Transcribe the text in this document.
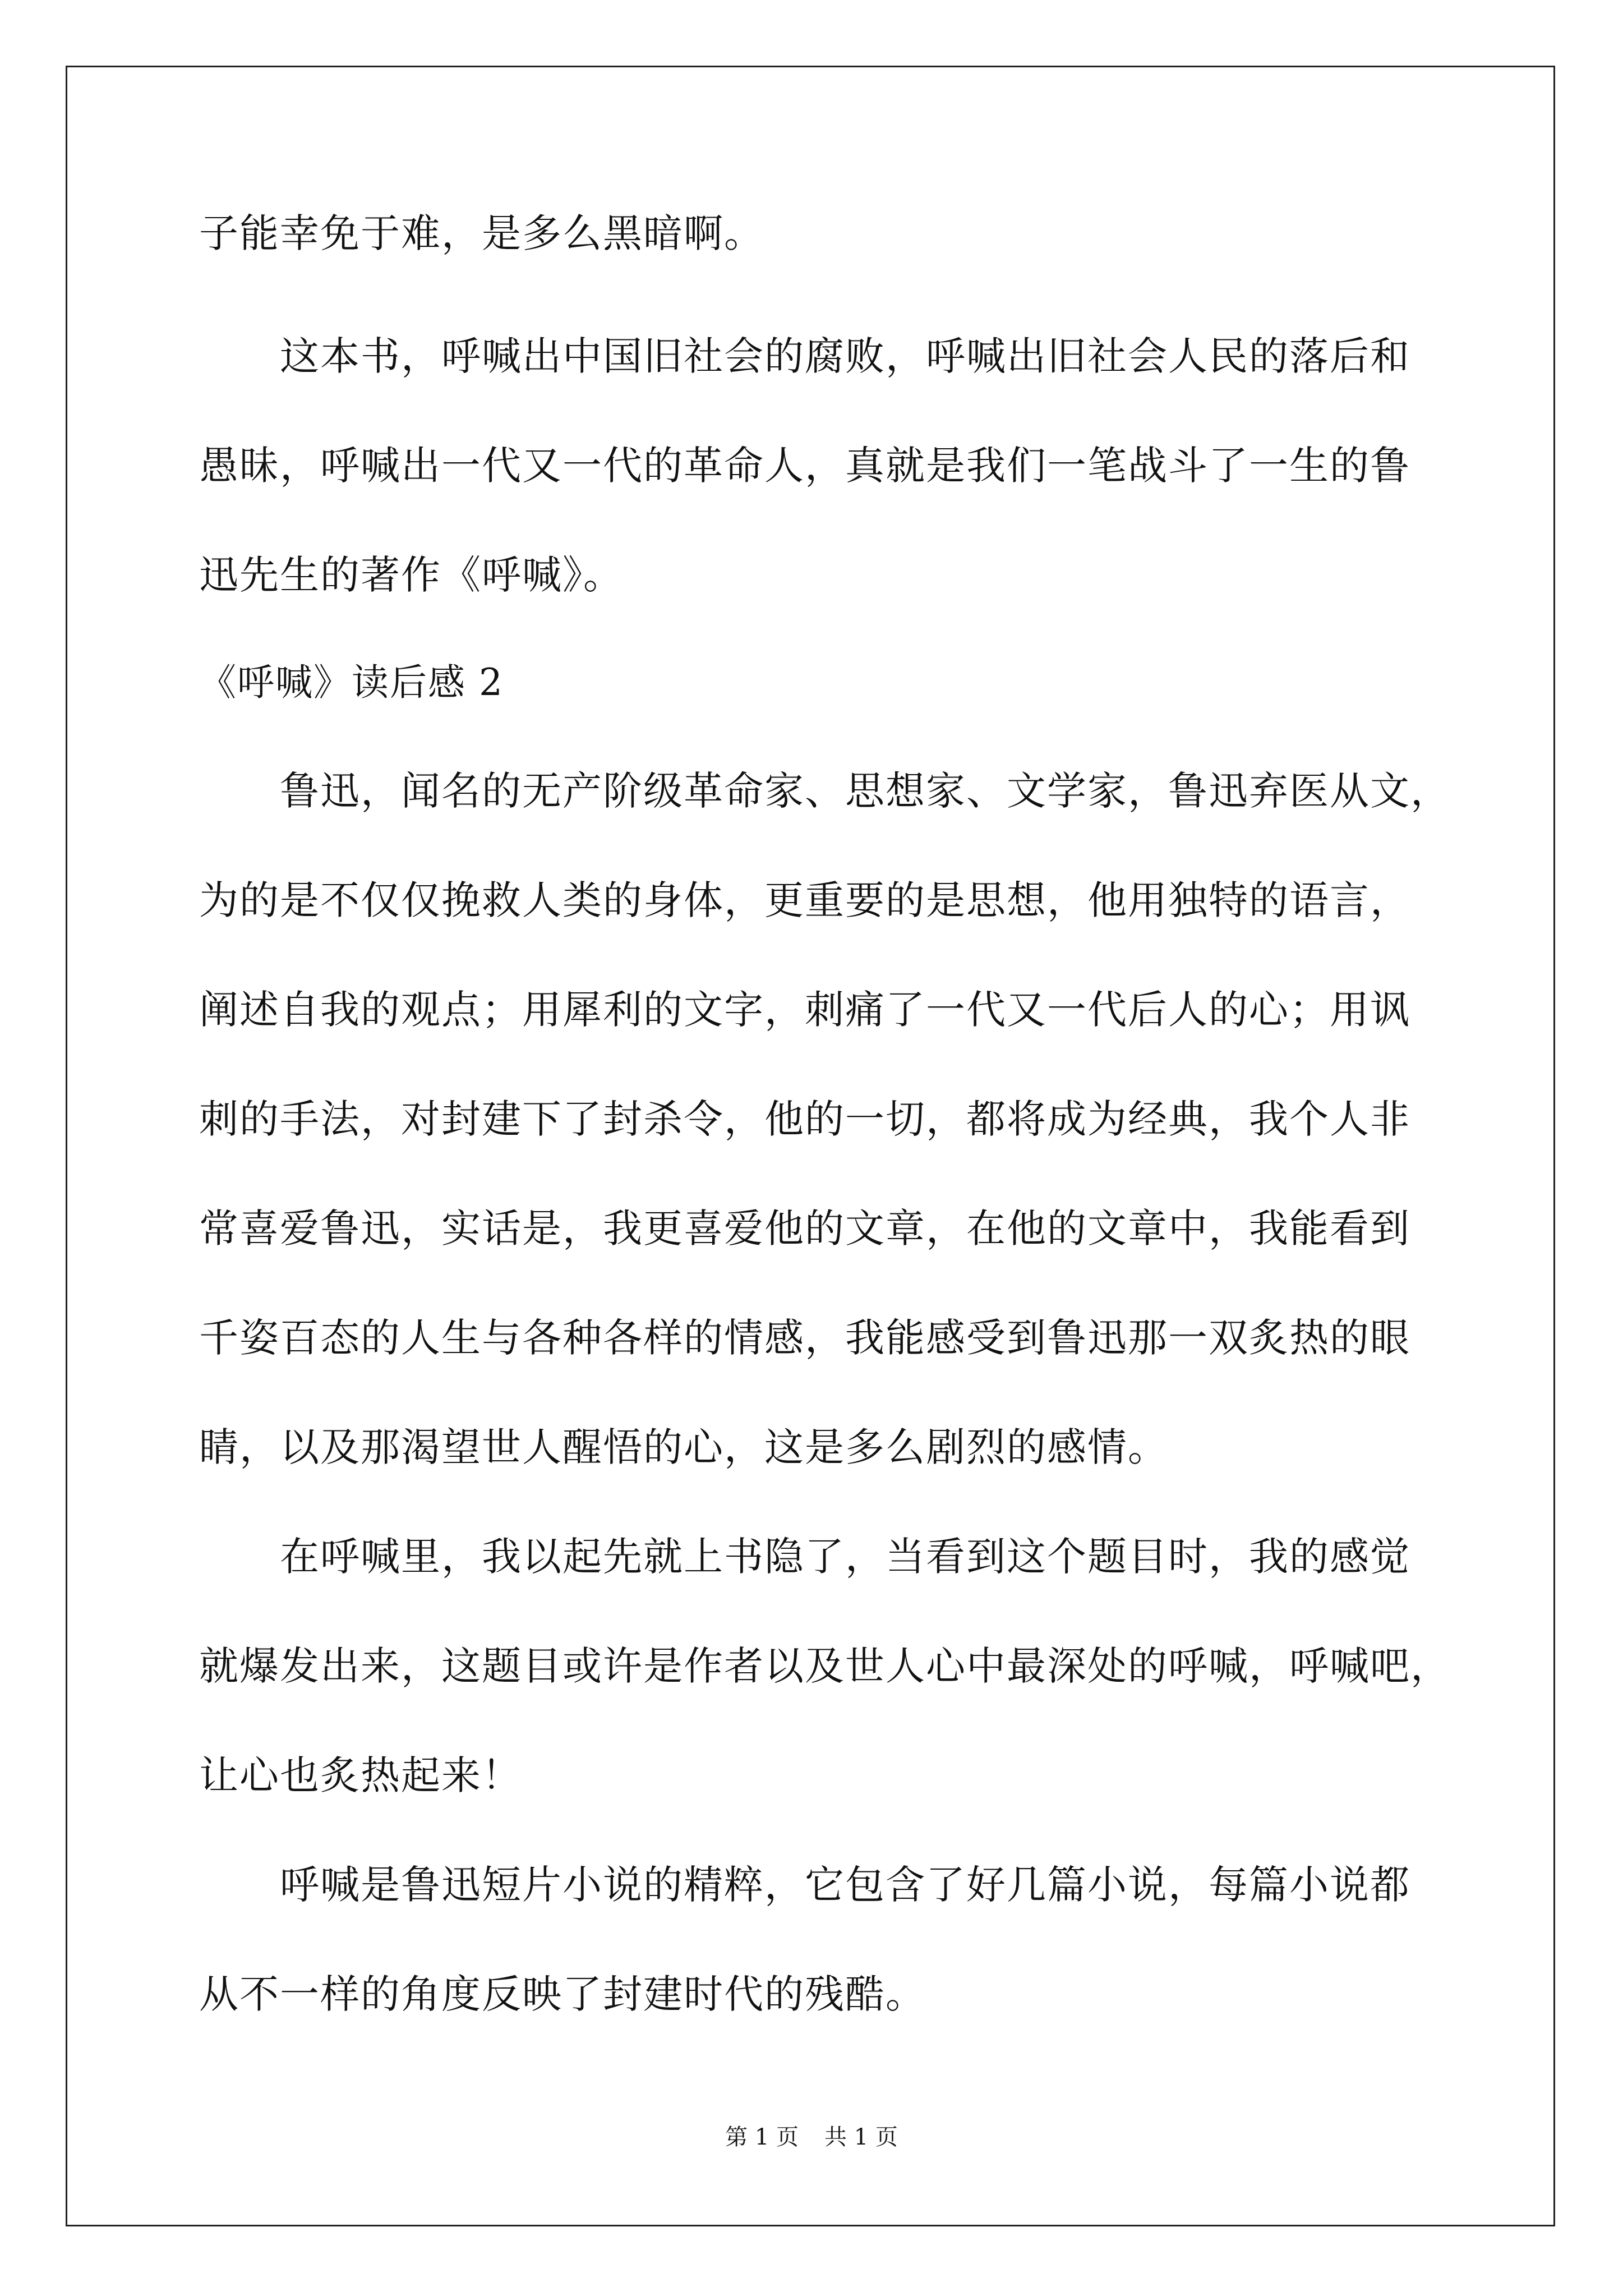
子能幸免于难，是多么黑暗啊。
　　这本书，呼喊出中国旧社会的腐败，呼喊出旧社会人民的落后和
愚昧，呼喊出一代又一代的革命人，真就是我们一笔战斗了一生的鲁
迅先生的著作《呼喊》。
《呼喊》读后感 2
　　鲁迅，闻名的无产阶级革命家、思想家、文学家，鲁迅弃医从文，
为的是不仅仅挽救人类的身体，更重要的是思想，他用独特的语言，
阐述自我的观点；用犀利的文字，刺痛了一代又一代后人的心；用讽
刺的手法，对封建下了封杀令，他的一切，都将成为经典，我个人非
常喜爱鲁迅，实话是，我更喜爱他的文章，在他的文章中，我能看到
千姿百态的人生与各种各样的情感，我能感受到鲁迅那一双炙热的眼
睛，以及那渴望世人醒悟的心，这是多么剧烈的感情。
　　在呼喊里，我以起先就上书隐了，当看到这个题目时，我的感觉
就爆发出来，这题目或许是作者以及世人心中最深处的呼喊，呼喊吧，
让心也炙热起来！
　　呼喊是鲁迅短片小说的精粹，它包含了好几篇小说，每篇小说都
从不一样的角度反映了封建时代的残酷。
第 1 页 共 1 页
